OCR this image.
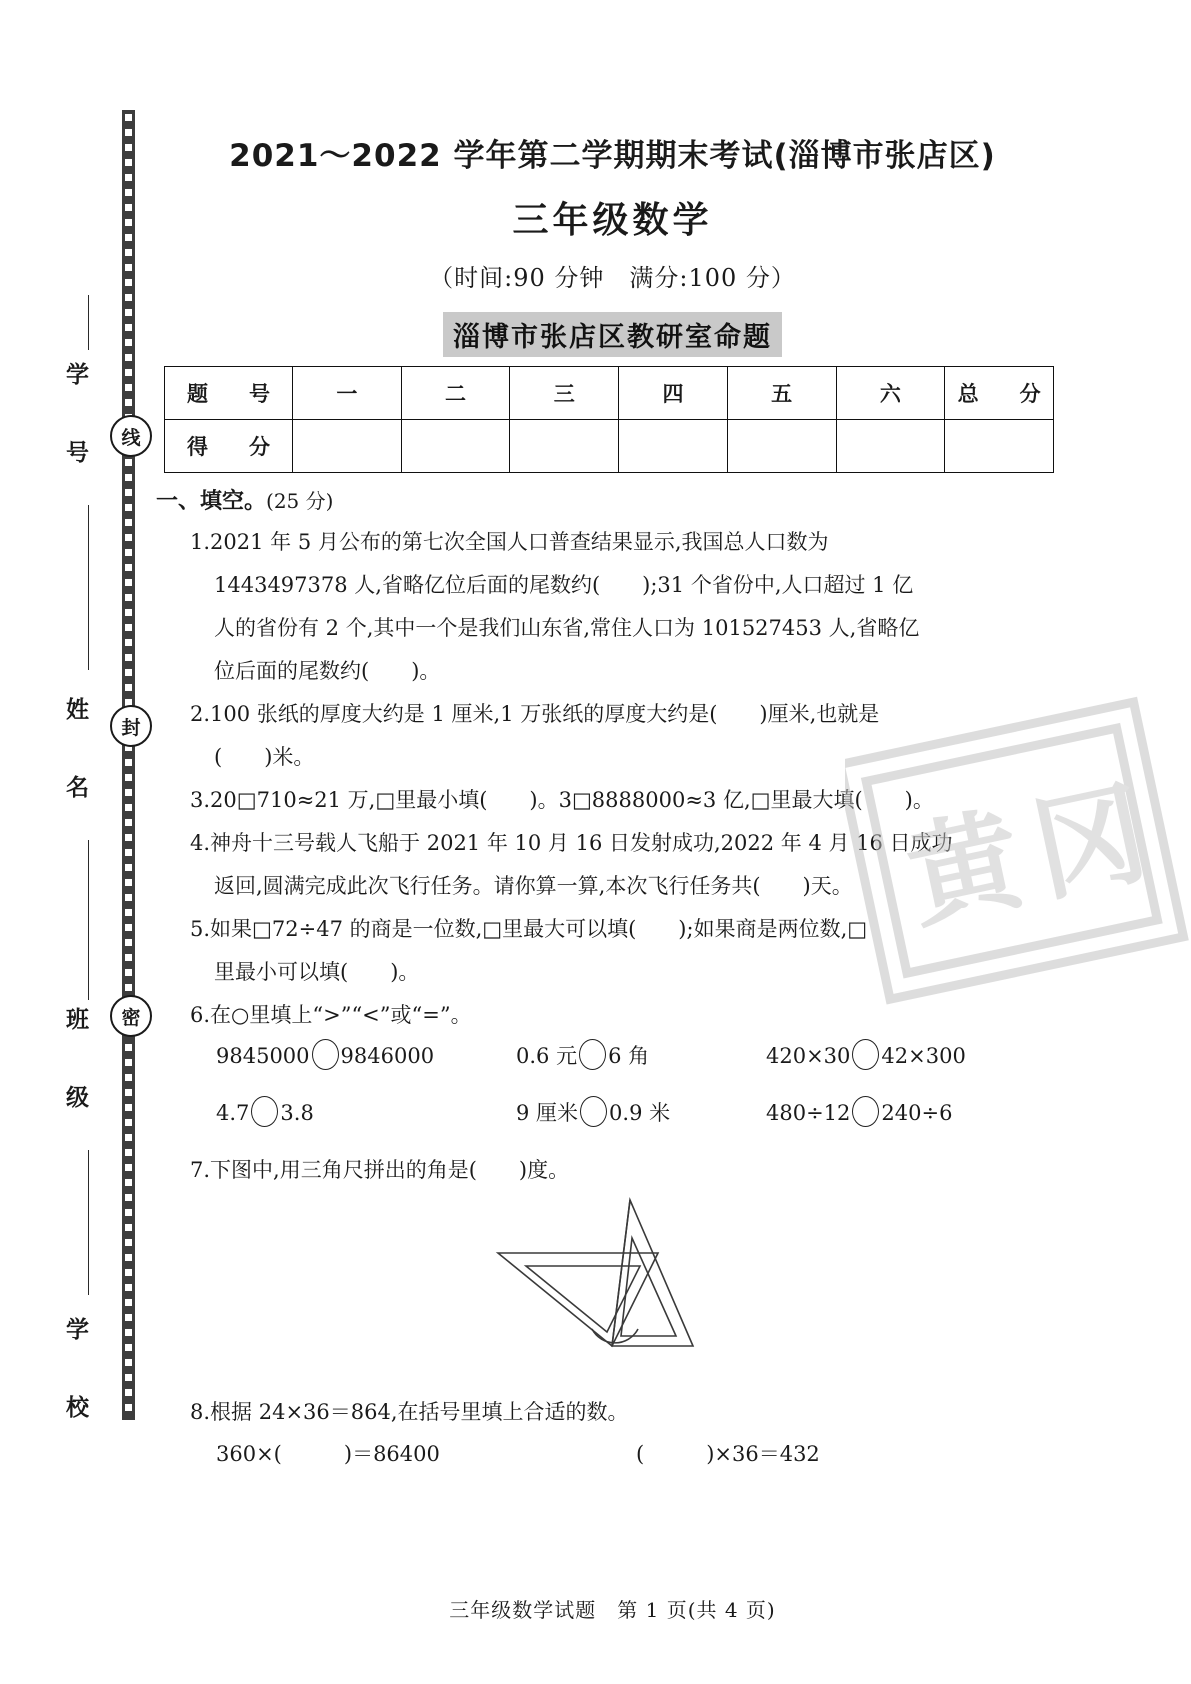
线
封
密
学　号
姓　名
班　级
学　校
2021～2022 学年第二学期期末考试(淄博市张店区)
三年级数学
（时间:90 分钟　满分:100 分）
淄博市张店区教研室命题
题　号	一	二	三	四	五	六	总　分
得　分							
一、填空。(25 分)
1.2021 年 5 月公布的第七次全国人口普查结果显示,我国总人口数为
1443497378 人,省略亿位后面的尾数约(　　);31 个省份中,人口超过 1 亿
人的省份有 2 个,其中一个是我们山东省,常住人口为 101527453 人,省略亿
位后面的尾数约(　　)。
2.100 张纸的厚度大约是 1 厘米,1 万张纸的厚度大约是(　　)厘米,也就是
(　　)米。
3.20□710≈21 万,□里最小填(　　)。3□8888000≈3 亿,□里最大填(　　)。
4.神舟十三号载人飞船于 2021 年 10 月 16 日发射成功,2022 年 4 月 16 日成功
返回,圆满完成此次飞行任务。请你算一算,本次飞行任务共(　　)天。
5.如果□72÷47 的商是一位数,□里最大可以填(　　);如果商是两位数,□
里最小可以填(　　)。
6.在○里填上“>”“<”或“=”。
9845000 9846000	0.6 元 6 角	420×30 42×300
4.7 3.8	9 厘米 0.9 米	480÷12 240÷6
7.下图中,用三角尺拼出的角是(　　)度。
8.根据 24×36＝864,在括号里填上合适的数。
360×(	)＝86400	(	)×36＝432
三年级数学试题　第 1 页(共 4 页)
黄
冈
